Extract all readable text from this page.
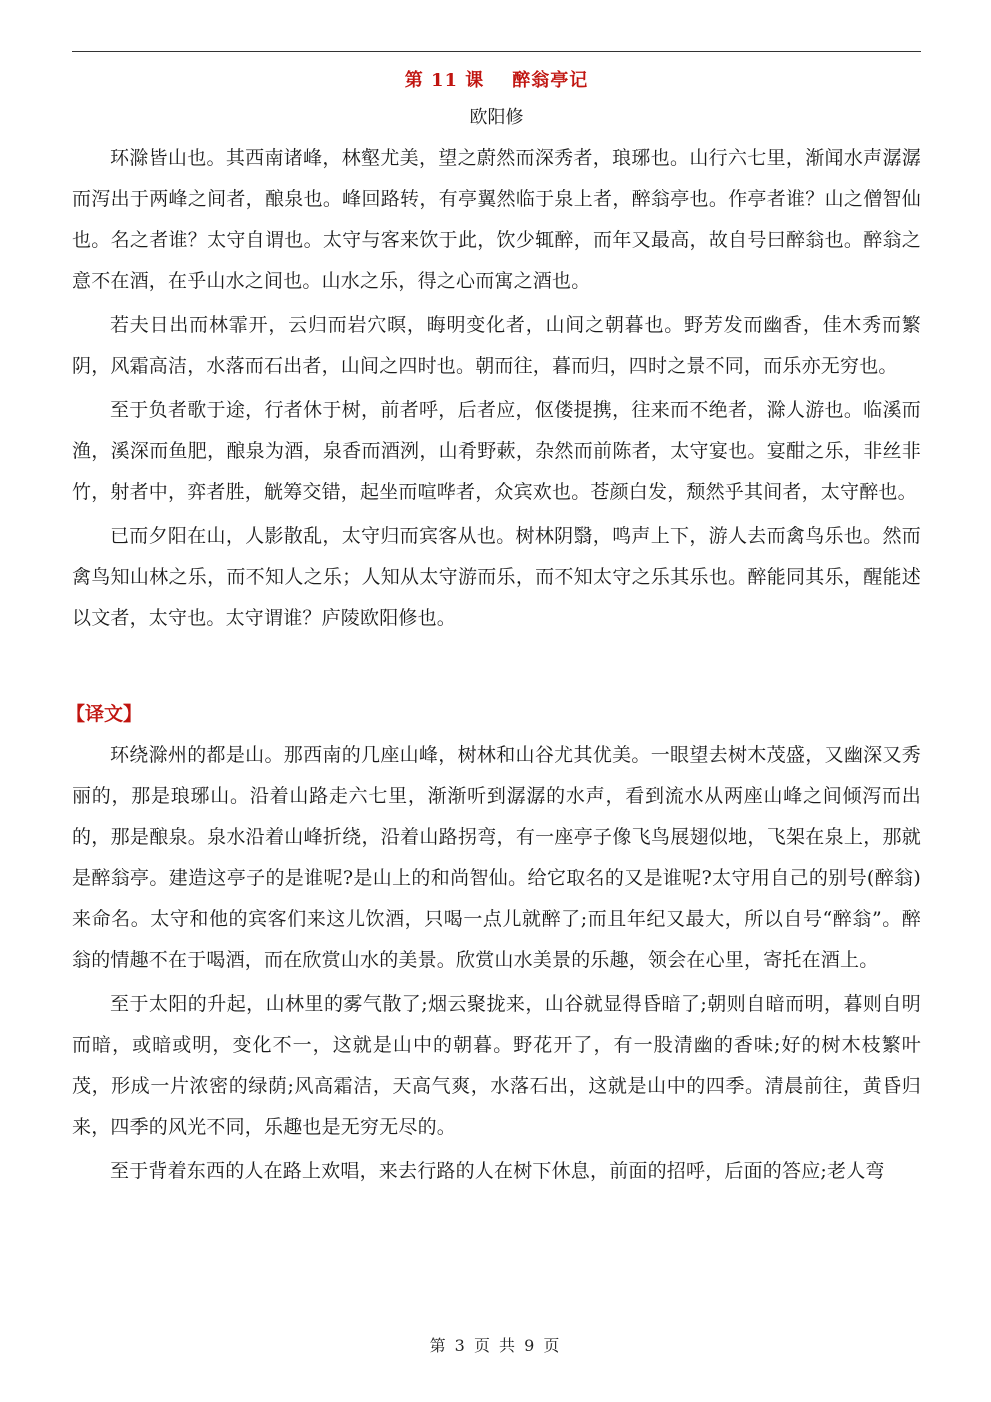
第 11 课 醉翁亭记

欧阳修

环滁皆山也。其西南诸峰，林壑尤美，望之蔚然而深秀者，琅琊也。山行六七里，渐闻水声潺潺而泻出于两峰之间者，酿泉也。峰回路转，有亭翼然临于泉上者，醉翁亭也。作亭者谁？山之僧智仙也。名之者谁？太守自谓也。太守与客来饮于此，饮少辄醉，而年又最高，故自号曰醉翁也。醉翁之意不在酒，在乎山水之间也。山水之乐，得之心而寓之酒也。

若夫日出而林霏开，云归而岩穴暝，晦明变化者，山间之朝暮也。野芳发而幽香，佳木秀而繁阴，风霜高洁，水落而石出者，山间之四时也。朝而往，暮而归，四时之景不同，而乐亦无穷也。

至于负者歌于途，行者休于树，前者呼，后者应，伛偻提携，往来而不绝者，滁人游也。临溪而渔，溪深而鱼肥，酿泉为酒，泉香而酒洌，山肴野蔌，杂然而前陈者，太守宴也。宴酣之乐，非丝非竹，射者中，弈者胜，觥筹交错，起坐而喧哗者，众宾欢也。苍颜白发，颓然乎其间者，太守醉也。

已而夕阳在山，人影散乱，太守归而宾客从也。树林阴翳，鸣声上下，游人去而禽鸟乐也。然而禽鸟知山林之乐，而不知人之乐；人知从太守游而乐，而不知太守之乐其乐也。醉能同其乐，醒能述以文者，太守也。太守谓谁？庐陵欧阳修也。

【译文】

环绕滁州的都是山。那西南的几座山峰，树林和山谷尤其优美。一眼望去树木茂盛，又幽深又秀丽的，那是琅琊山。沿着山路走六七里，渐渐听到潺潺的水声，看到流水从两座山峰之间倾泻而出的，那是酿泉。泉水沿着山峰折绕，沿着山路拐弯，有一座亭子像飞鸟展翅似地，飞架在泉上，那就是醉翁亭。建造这亭子的是谁呢?是山上的和尚智仙。给它取名的又是谁呢?太守用自己的别号(醉翁)来命名。太守和他的宾客们来这儿饮酒，只喝一点儿就醉了;而且年纪又最大，所以自号“醉翁”。醉翁的情趣不在于喝酒，而在欣赏山水的美景。欣赏山水美景的乐趣，领会在心里，寄托在酒上。

至于太阳的升起，山林里的雾气散了;烟云聚拢来，山谷就显得昏暗了;朝则自暗而明，暮则自明而暗，或暗或明，变化不一，这就是山中的朝暮。野花开了，有一股清幽的香味;好的树木枝繁叶茂，形成一片浓密的绿荫;风高霜洁，天高气爽，水落石出，这就是山中的四季。清晨前往，黄昏归来，四季的风光不同，乐趣也是无穷无尽的。

至于背着东西的人在路上欢唱，来去行路的人在树下休息，前面的招呼，后面的答应;老人弯

第 3 页 共 9 页
